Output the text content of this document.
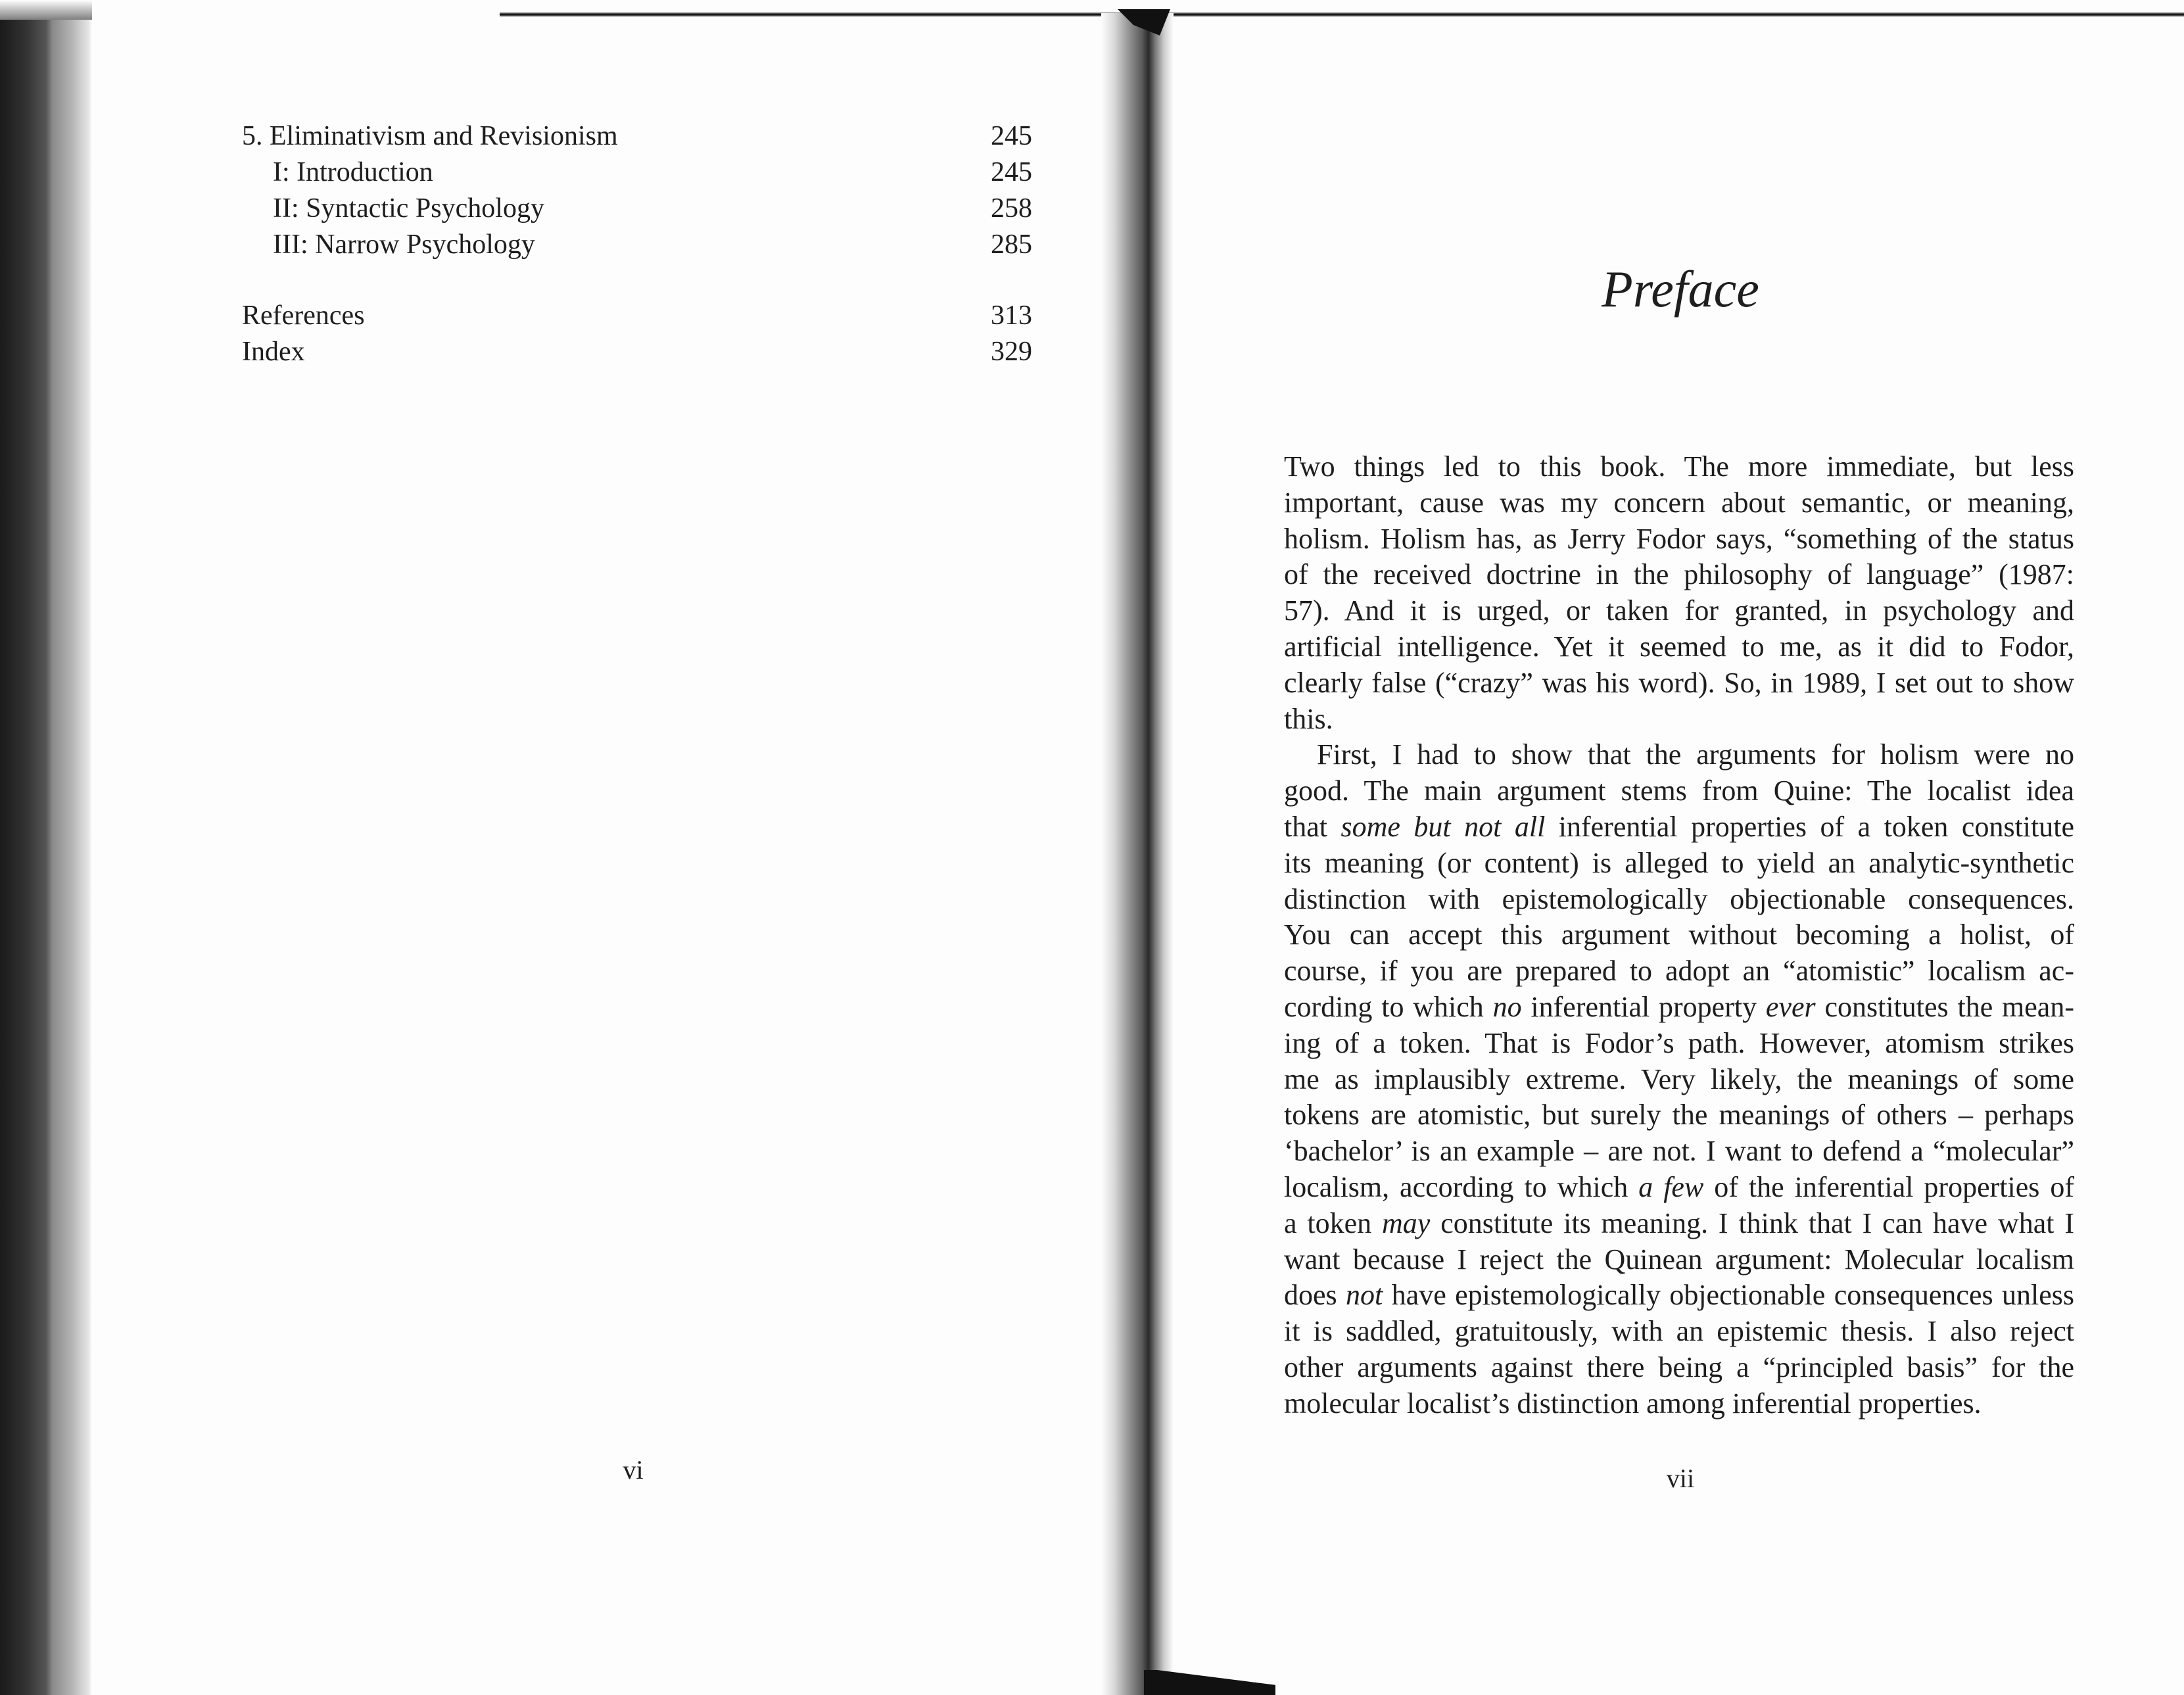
5. Eliminativism and Revisionism	245
I: Introduction	245
II: Syntactic Psychology	258
III: Narrow Psychology	285
References	313
Index	329
vi
Preface
Two things led to this book. The more immediate, but less
important, cause was my concern about semantic, or meaning,
holism. Holism has, as Jerry Fodor says, “something of the status
of the received doctrine in the philosophy of language” (1987:
57). And it is urged, or taken for granted, in psychology and
artificial intelligence. Yet it seemed to me, as it did to Fodor,
clearly false (“crazy” was his word). So, in 1989, I set out to show
this.
First, I had to show that the arguments for holism were no
good. The main argument stems from Quine: The localist idea
that some but not all inferential properties of a token constitute
its meaning (or content) is alleged to yield an analytic-synthetic
distinction with epistemologically objectionable consequences.
You can accept this argument without becoming a holist, of
course, if you are prepared to adopt an “atomistic” localism ac-
cording to which no inferential property ever constitutes the mean-
ing of a token. That is Fodor’s path. However, atomism strikes
me as implausibly extreme. Very likely, the meanings of some
tokens are atomistic, but surely the meanings of others – perhaps
‘bachelor’ is an example – are not. I want to defend a “molecular”
localism, according to which a few of the inferential properties of
a token may constitute its meaning. I think that I can have what I
want because I reject the Quinean argument: Molecular localism
does not have epistemologically objectionable consequences unless
it is saddled, gratuitously, with an epistemic thesis. I also reject
other arguments against there being a “principled basis” for the
molecular localist’s distinction among inferential properties.
vii
